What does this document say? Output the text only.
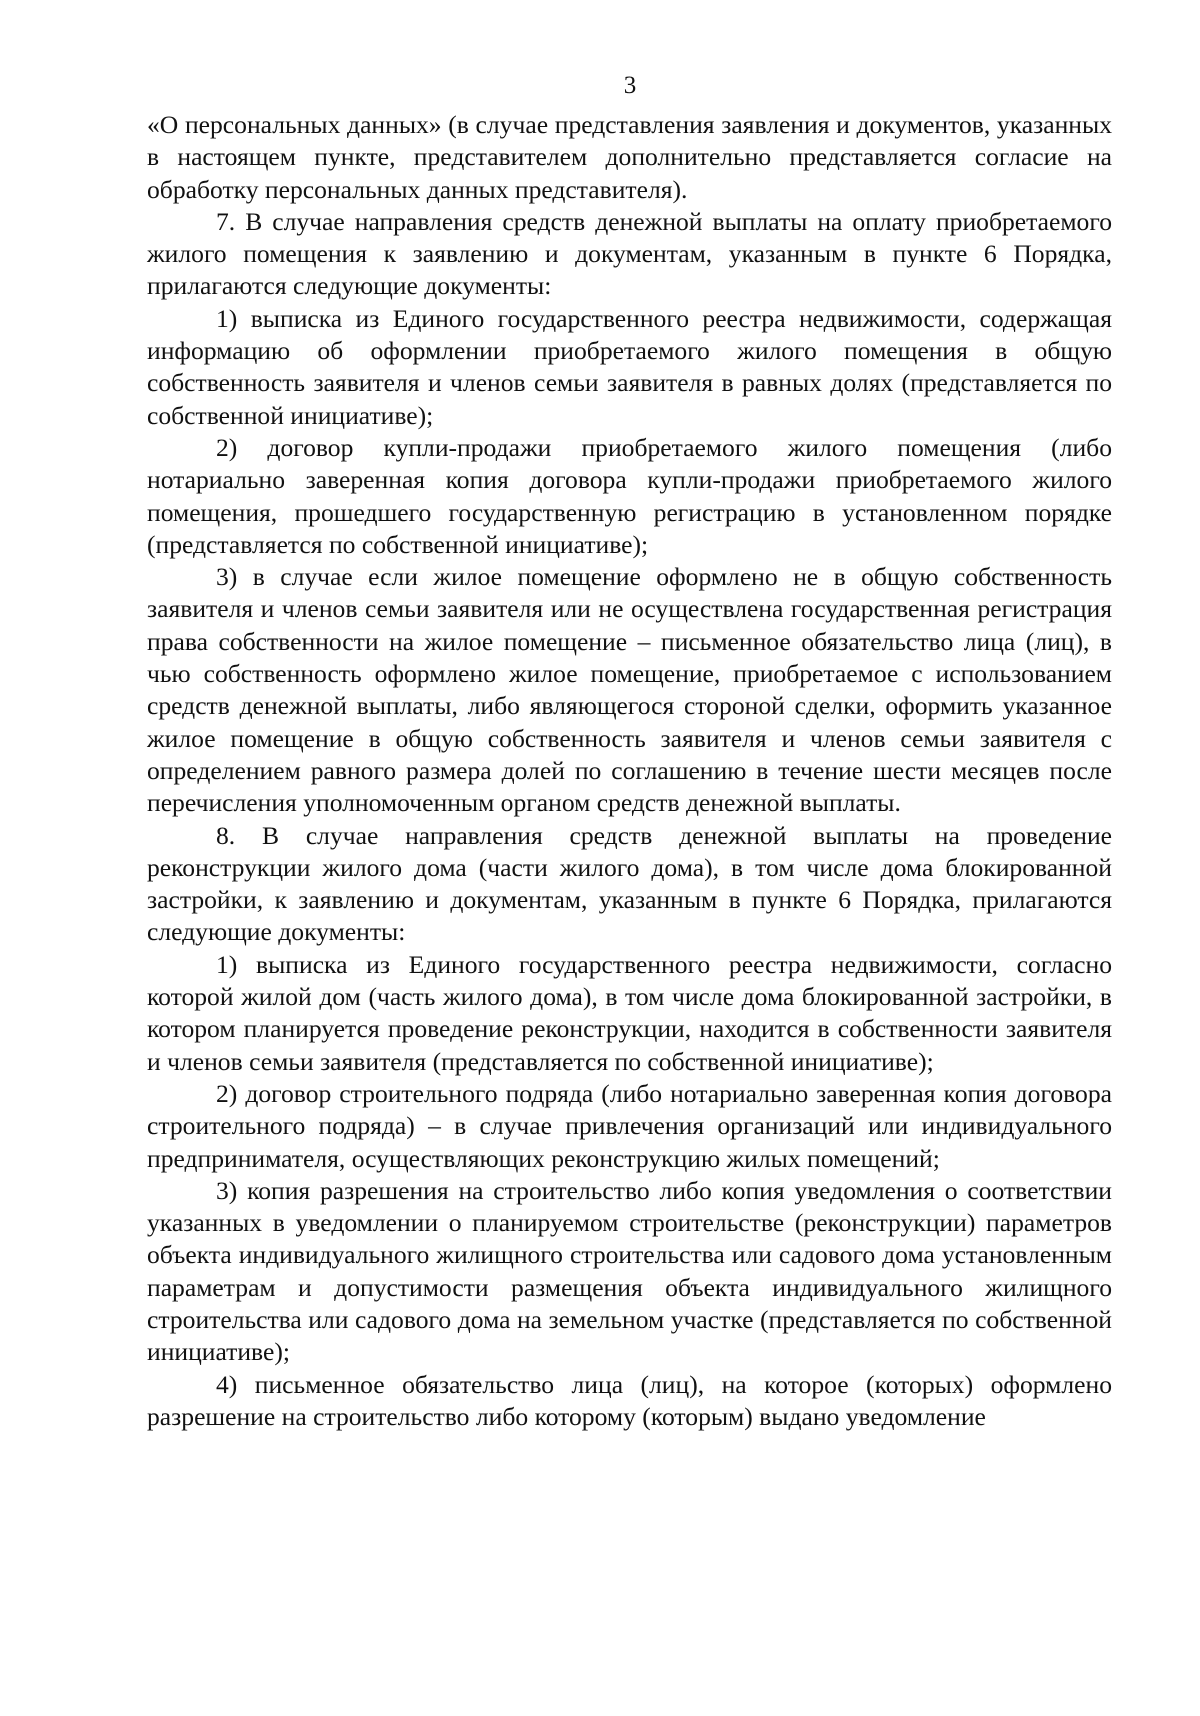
3

«О персональных данных» (в случае представления заявления и документов, указанных в настоящем пункте, представителем дополнительно представляется согласие на обработку персональных данных представителя).

7. В случае направления средств денежной выплаты на оплату приобретаемого жилого помещения к заявлению и документам, указанным в пункте 6 Порядка, прилагаются следующие документы:

1) выписка из Единого государственного реестра недвижимости, содержащая информацию об оформлении приобретаемого жилого помещения в общую собственность заявителя и членов семьи заявителя в равных долях (представляется по собственной инициативе);

2) договор купли-продажи приобретаемого жилого помещения (либо нотариально заверенная копия договора купли-продажи приобретаемого жилого помещения, прошедшего государственную регистрацию в установленном порядке (представляется по собственной инициативе);

3) в случае если жилое помещение оформлено не в общую собственность заявителя и членов семьи заявителя или не осуществлена государственная регистрация права собственности на жилое помещение – письменное обязательство лица (лиц), в чью собственность оформлено жилое помещение, приобретаемое с использованием средств денежной выплаты, либо являющегося стороной сделки, оформить указанное жилое помещение в общую собственность заявителя и членов семьи заявителя с определением равного размера долей по соглашению в течение шести месяцев после перечисления уполномоченным органом средств денежной выплаты.

8. В случае направления средств денежной выплаты на проведение реконструкции жилого дома (части жилого дома), в том числе дома блокированной застройки, к заявлению и документам, указанным в пункте 6 Порядка, прилагаются следующие документы:

1) выписка из Единого государственного реестра недвижимости, согласно которой жилой дом (часть жилого дома), в том числе дома блокированной застройки, в котором планируется проведение реконструкции, находится в собственности заявителя и членов семьи заявителя (представляется по собственной инициативе);

2) договор строительного подряда (либо нотариально заверенная копия договора строительного подряда) – в случае привлечения организаций или индивидуального предпринимателя, осуществляющих реконструкцию жилых помещений;

3) копия разрешения на строительство либо копия уведомления о соответствии указанных в уведомлении о планируемом строительстве (реконструкции) параметров объекта индивидуального жилищного строительства или садового дома установленным параметрам и допустимости размещения объекта индивидуального жилищного строительства или садового дома на земельном участке (представляется по собственной инициативе);

4) письменное обязательство лица (лиц), на которое (которых) оформлено разрешение на строительство либо которому (которым) выдано уведомление
